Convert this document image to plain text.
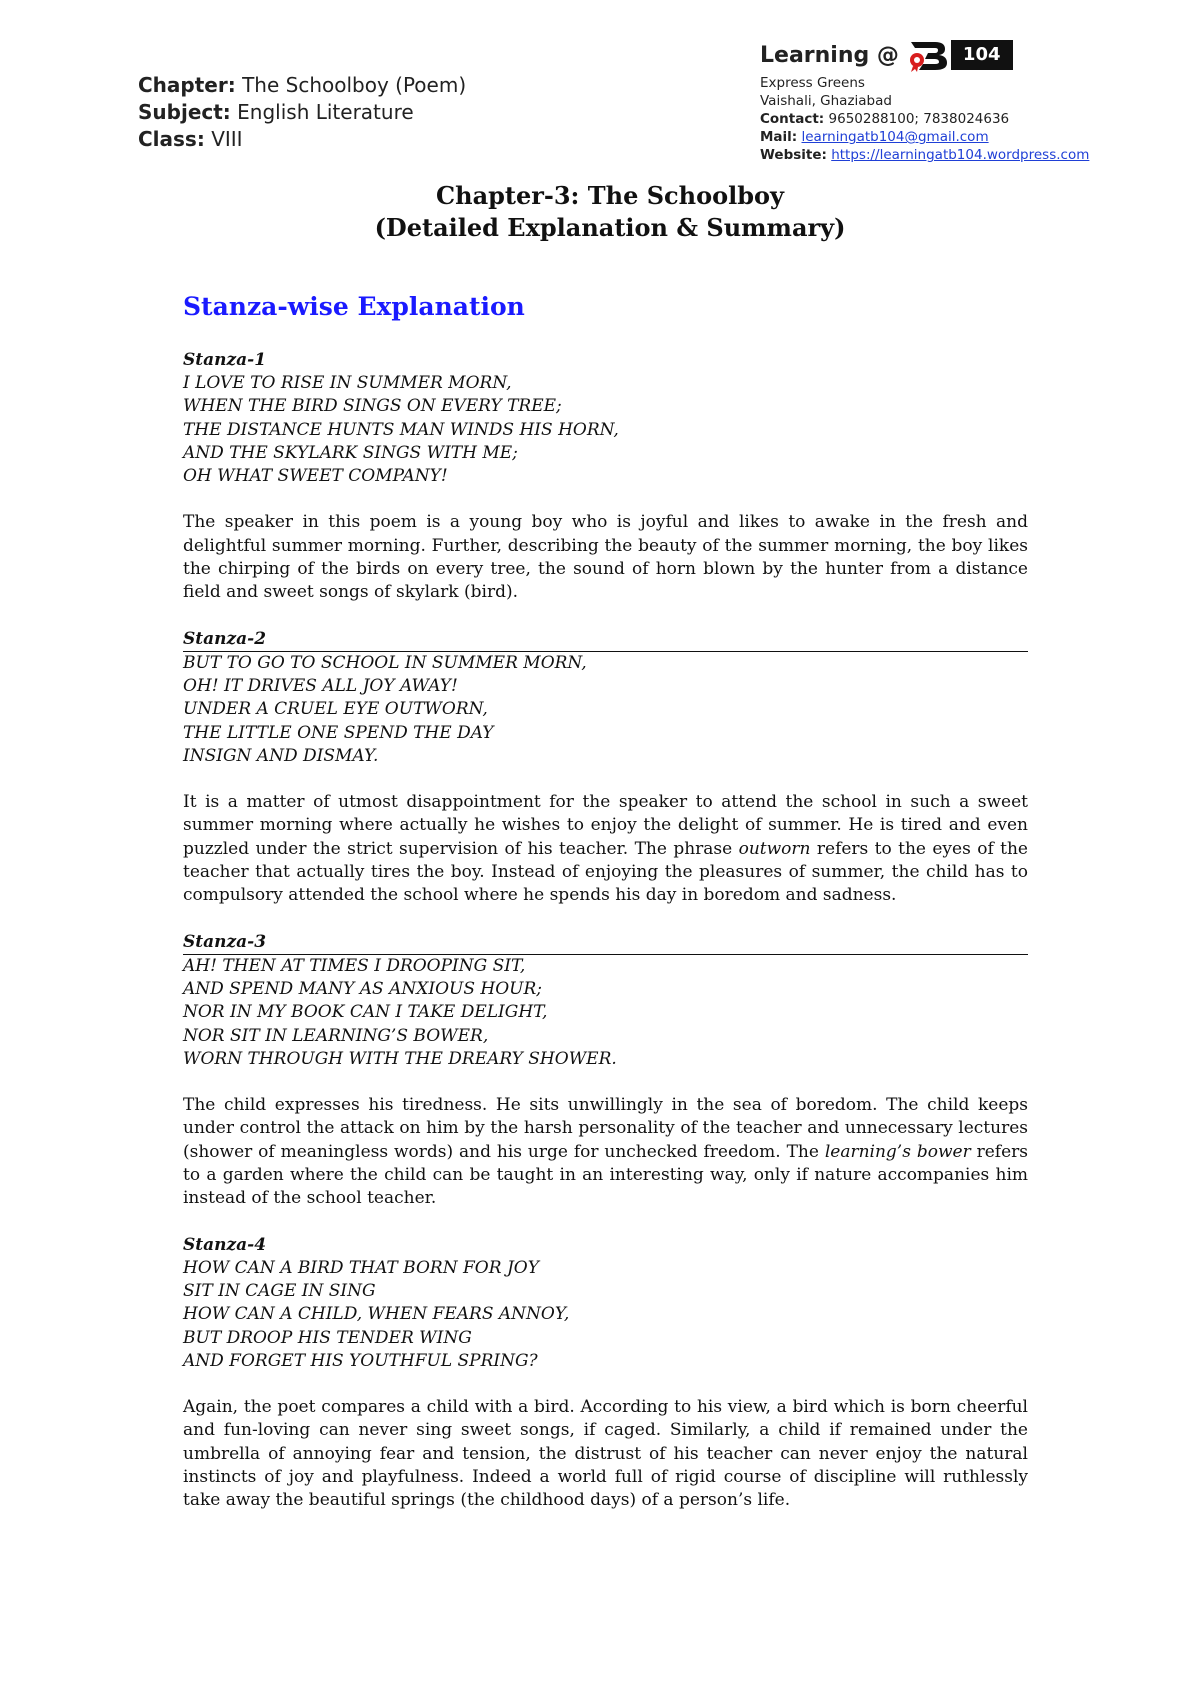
Chapter: The Schoolboy (Poem)
Subject: English Literature
Class: VIII
Learning @	104
Express Greens
Vaishali, Ghaziabad
Contact: 9650288100; 7838024636
Mail: learningatb104@gmail.com
Website: https://learningatb104.wordpress.com
Chapter-3: The Schoolboy
(Detailed Explanation & Summary)
Stanza-wise Explanation
Stanza-1
I LOVE TO RISE IN SUMMER MORN,
WHEN THE BIRD SINGS ON EVERY TREE;
THE DISTANCE HUNTS MAN WINDS HIS HORN,
AND THE SKYLARK SINGS WITH ME;
OH WHAT SWEET COMPANY!
The speaker in this poem is a young boy who is joyful and likes to awake in the fresh and delightful summer morning. Further, describing the beauty of the summer morning, the boy likes the chirping of the birds on every tree, the sound of horn blown by the hunter from a distance field and sweet songs of skylark (bird).
Stanza-2
BUT TO GO TO SCHOOL IN SUMMER MORN,
OH! IT DRIVES ALL JOY AWAY!
UNDER A CRUEL EYE OUTWORN,
THE LITTLE ONE SPEND THE DAY
INSIGN AND DISMAY.
It is a matter of utmost disappointment for the speaker to attend the school in such a sweet summer morning where actually he wishes to enjoy the delight of summer. He is tired and even puzzled under the strict supervision of his teacher. The phrase outworn refers to the eyes of the teacher that actually tires the boy. Instead of enjoying the pleasures of summer, the child has to compulsory attended the school where he spends his day in boredom and sadness.
Stanza-3
AH! THEN AT TIMES I DROOPING SIT,
AND SPEND MANY AS ANXIOUS HOUR;
NOR IN MY BOOK CAN I TAKE DELIGHT,
NOR SIT IN LEARNING’S BOWER,
WORN THROUGH WITH THE DREARY SHOWER.
The child expresses his tiredness. He sits unwillingly in the sea of boredom. The child keeps under control the attack on him by the harsh personality of the teacher and unnecessary lectures (shower of meaningless words) and his urge for unchecked freedom. The learning’s bower refers to a garden where the child can be taught in an interesting way, only if nature accompanies him instead of the school teacher.
Stanza-4
HOW CAN A BIRD THAT BORN FOR JOY
SIT IN CAGE IN SING
HOW CAN A CHILD, WHEN FEARS ANNOY,
BUT DROOP HIS TENDER WING
AND FORGET HIS YOUTHFUL SPRING?
Again, the poet compares a child with a bird. According to his view, a bird which is born cheerful and fun-loving can never sing sweet songs, if caged. Similarly, a child if remained under the umbrella of annoying fear and tension, the distrust of his teacher can never enjoy the natural instincts of joy and playfulness. Indeed a world full of rigid course of discipline will ruthlessly take away the beautiful springs (the childhood days) of a person’s life.
